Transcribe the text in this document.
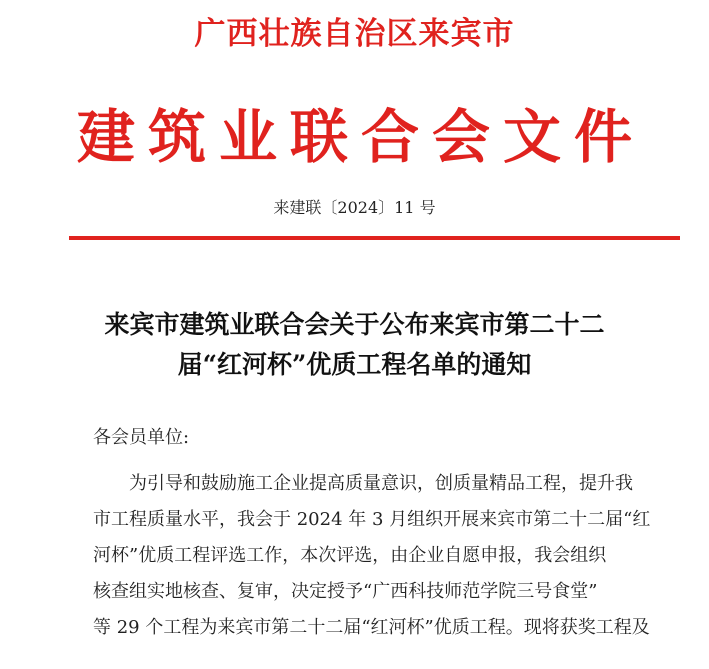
广西壮族自治区来宾市
建筑业联合会文件
来建联〔2024〕11 号
来宾市建筑业联合会关于公布来宾市第二十二
届“红河杯”优质工程名单的通知
各会员单位:
为引导和鼓励施工企业提高质量意识，创质量精品工程，提升我
市工程质量水平，我会于 2024 年 3 月组织开展来宾市第二十二届“红
河杯”优质工程评选工作，本次评选，由企业自愿申报，我会组织
核查组实地核查、复审，决定授予“广西科技师范学院三号食堂”
等 29 个工程为来宾市第二十二届“红河杯”优质工程。现将获奖工程及
